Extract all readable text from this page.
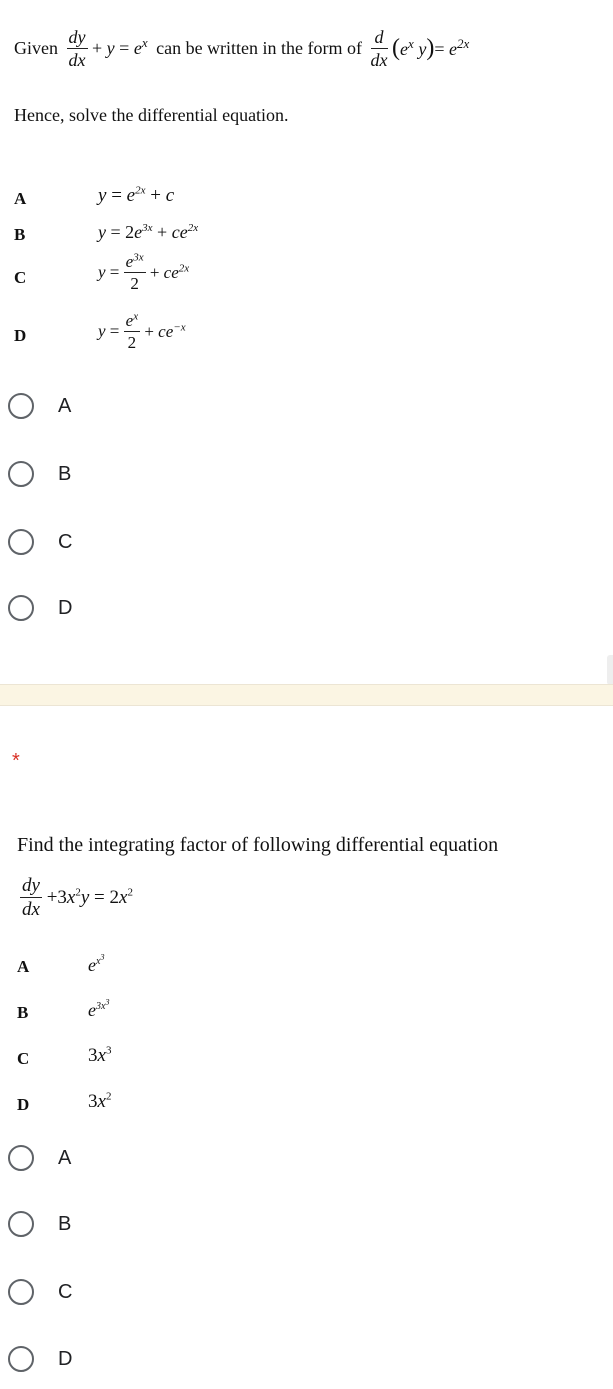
Given $\frac{dy}{dx} + y = e^x$ can be written in the form of $\frac{d}{dx} (e^x$ $y)= e^{2x}$
Hence, solve the differential equation.
A	$y = e^{2x} + c$
B	$y = 2e^{3x} + ce^{2x}$
C	$y = \frac{e^{3x}}{2} + ce^{2x}$
D	$y = \frac{e^x}{2} + ce^{-x}$
A
B
C
D
*
Find the integrating factor of following differential equation
$\frac{dy}{dx} +3x^2y = 2x^2$
A	$e^{x^3}$
B	$e^{3x^3}$
C	$3x^3$
D	$3x^2$
A
B
C
D
